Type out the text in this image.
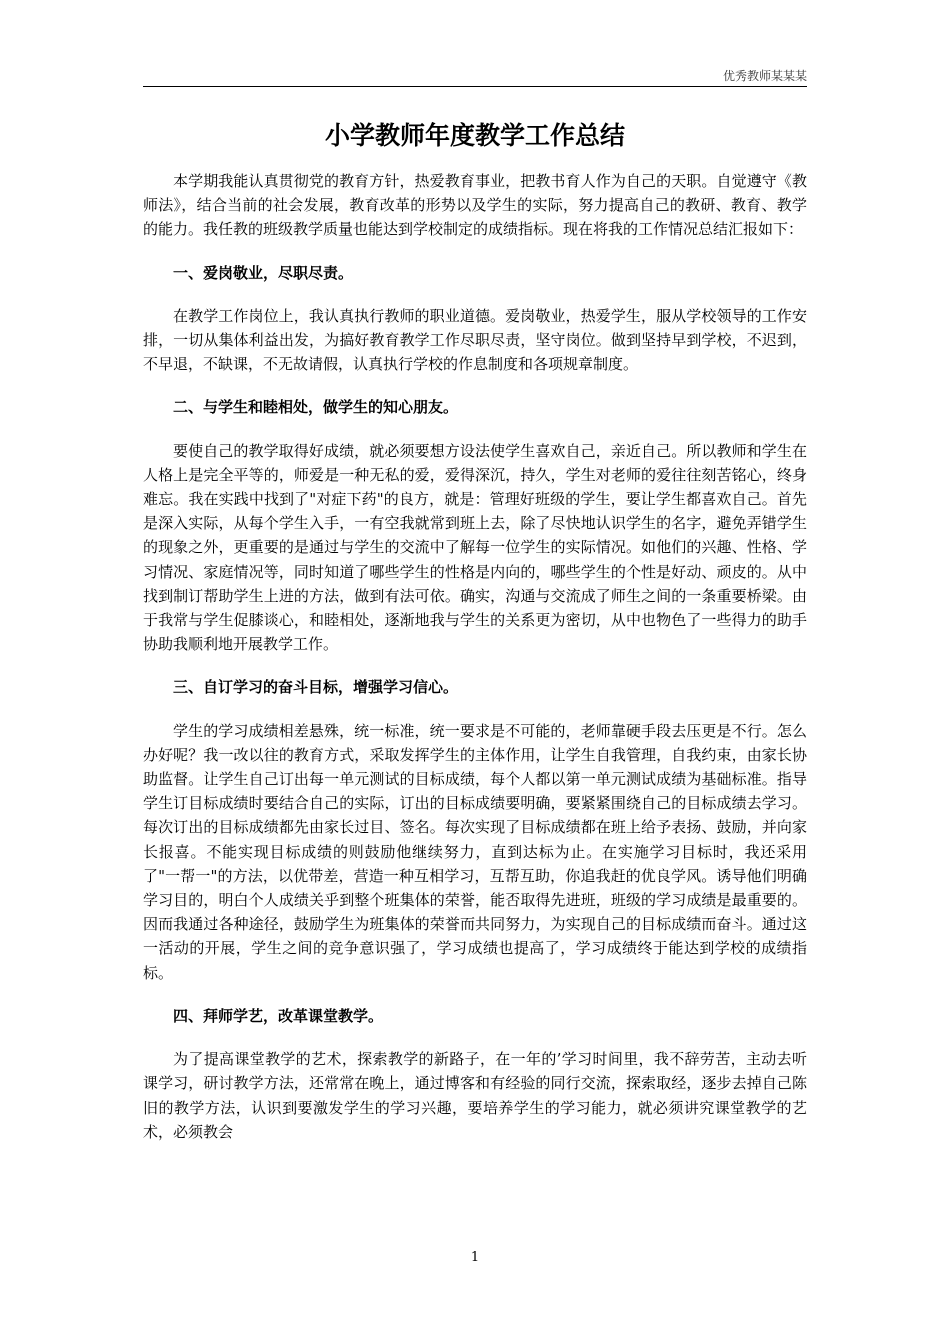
优秀教师某某某
小学教师年度教学工作总结

本学期我能认真贯彻党的教育方针，热爱教育事业，把教书育人作为自己的天职。自觉遵守《教师法》，结合当前的社会发展，教育改革的形势以及学生的实际，努力提高自己的教研、教育、教学的能力。我任教的班级教学质量也能达到学校制定的成绩指标。现在将我的工作情况总结汇报如下：

一、爱岗敬业，尽职尽责。

在教学工作岗位上，我认真执行教师的职业道德。爱岗敬业，热爱学生，服从学校领导的工作安排，一切从集体利益出发，为搞好教育教学工作尽职尽责，坚守岗位。做到坚持早到学校，不迟到，不早退，不缺课，不无故请假，认真执行学校的作息制度和各项规章制度。

二、与学生和睦相处，做学生的知心朋友。

要使自己的教学取得好成绩，就必须要想方设法使学生喜欢自己，亲近自己。所以教师和学生在人格上是完全平等的，师爱是一种无私的爱，爱得深沉，持久，学生对老师的爱往往刻苦铭心，终身难忘。我在实践中找到了"对症下药"的良方，就是：管理好班级的学生，要让学生都喜欢自己。首先是深入实际，从每个学生入手，一有空我就常到班上去，除了尽快地认识学生的名字，避免弄错学生的现象之外，更重要的是通过与学生的交流中了解每一位学生的实际情况。如他们的兴趣、性格、学习情况、家庭情况等，同时知道了哪些学生的性格是内向的，哪些学生的个性是好动、顽皮的。从中找到制订帮助学生上进的方法，做到有法可依。确实，沟通与交流成了师生之间的一条重要桥梁。由于我常与学生促膝谈心，和睦相处，逐渐地我与学生的关系更为密切，从中也物色了一些得力的助手协助我顺利地开展教学工作。

三、自订学习的奋斗目标，增强学习信心。

学生的学习成绩相差悬殊，统一标准，统一要求是不可能的，老师靠硬手段去压更是不行。怎么办好呢？我一改以往的教育方式，采取发挥学生的主体作用，让学生自我管理，自我约束，由家长协助监督。让学生自己订出每一单元测试的目标成绩，每个人都以第一单元测试成绩为基础标准。指导学生订目标成绩时要结合自己的实际，订出的目标成绩要明确，要紧紧围绕自己的目标成绩去学习。每次订出的目标成绩都先由家长过目、签名。每次实现了目标成绩都在班上给予表扬、鼓励，并向家长报喜。不能实现目标成绩的则鼓励他继续努力，直到达标为止。在实施学习目标时，我还采用了"一帮一"的方法，以优带差，营造一种互相学习，互帮互助，你追我赶的优良学风。诱导他们明确学习目的，明白个人成绩关乎到整个班集体的荣誉，能否取得先进班，班级的学习成绩是最重要的。因而我通过各种途径，鼓励学生为班集体的荣誉而共同努力，为实现自己的目标成绩而奋斗。通过这一活动的开展，学生之间的竞争意识强了，学习成绩也提高了，学习成绩终于能达到学校的成绩指标。

四、拜师学艺，改革课堂教学。

为了提高课堂教学的艺术，探索教学的新路子，在一年的’学习时间里，我不辞劳苦，主动去听课学习，研讨教学方法，还常常在晚上，通过博客和有经验的同行交流，探索取经，逐步去掉自己陈旧的教学方法，认识到要激发学生的学习兴趣，要培养学生的学习能力，就必须讲究课堂教学的艺术，必须教会

1
